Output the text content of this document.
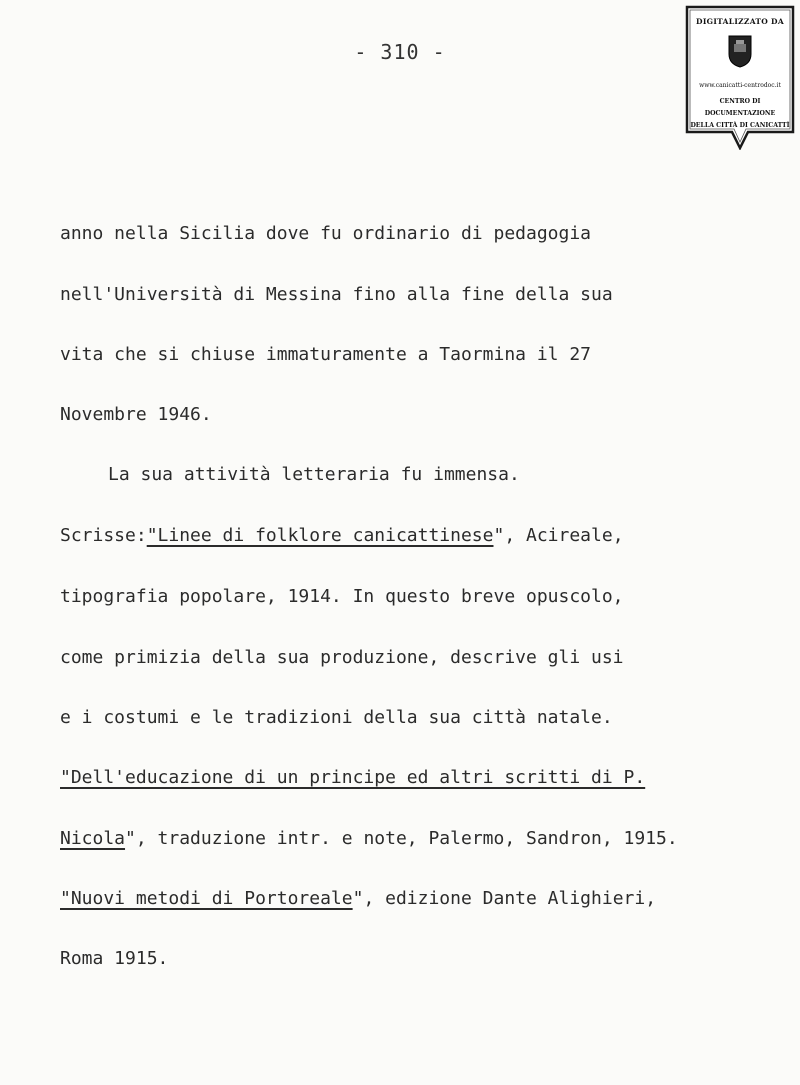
- 310 -
DIGITALIZZATO DA
www.canicatti-centrodoc.it
CENTRO DI DOCUMENTAZIONE
DELLA CITTÀ DI CANICATTÌ
anno nella Sicilia dove fu ordinario di pedagogia
nell'Università di Messina fino alla fine della sua
vita che si chiuse immaturamente a Taormina il 27
Novembre 1946.
La sua attività letteraria fu immensa.
Scrisse:"Linee di folklore canicattinese", Acireale,
tipografia popolare, 1914. In questo breve opuscolo,
come primizia della sua produzione, descrive gli usi
e i costumi e le tradizioni della sua città natale.
"Dell'educazione di un principe ed altri scritti di P.
Nicola", traduzione intr. e note, Palermo, Sandron, 1915.
"Nuovi metodi di Portoreale", edizione Dante Alighieri,
Roma 1915.
